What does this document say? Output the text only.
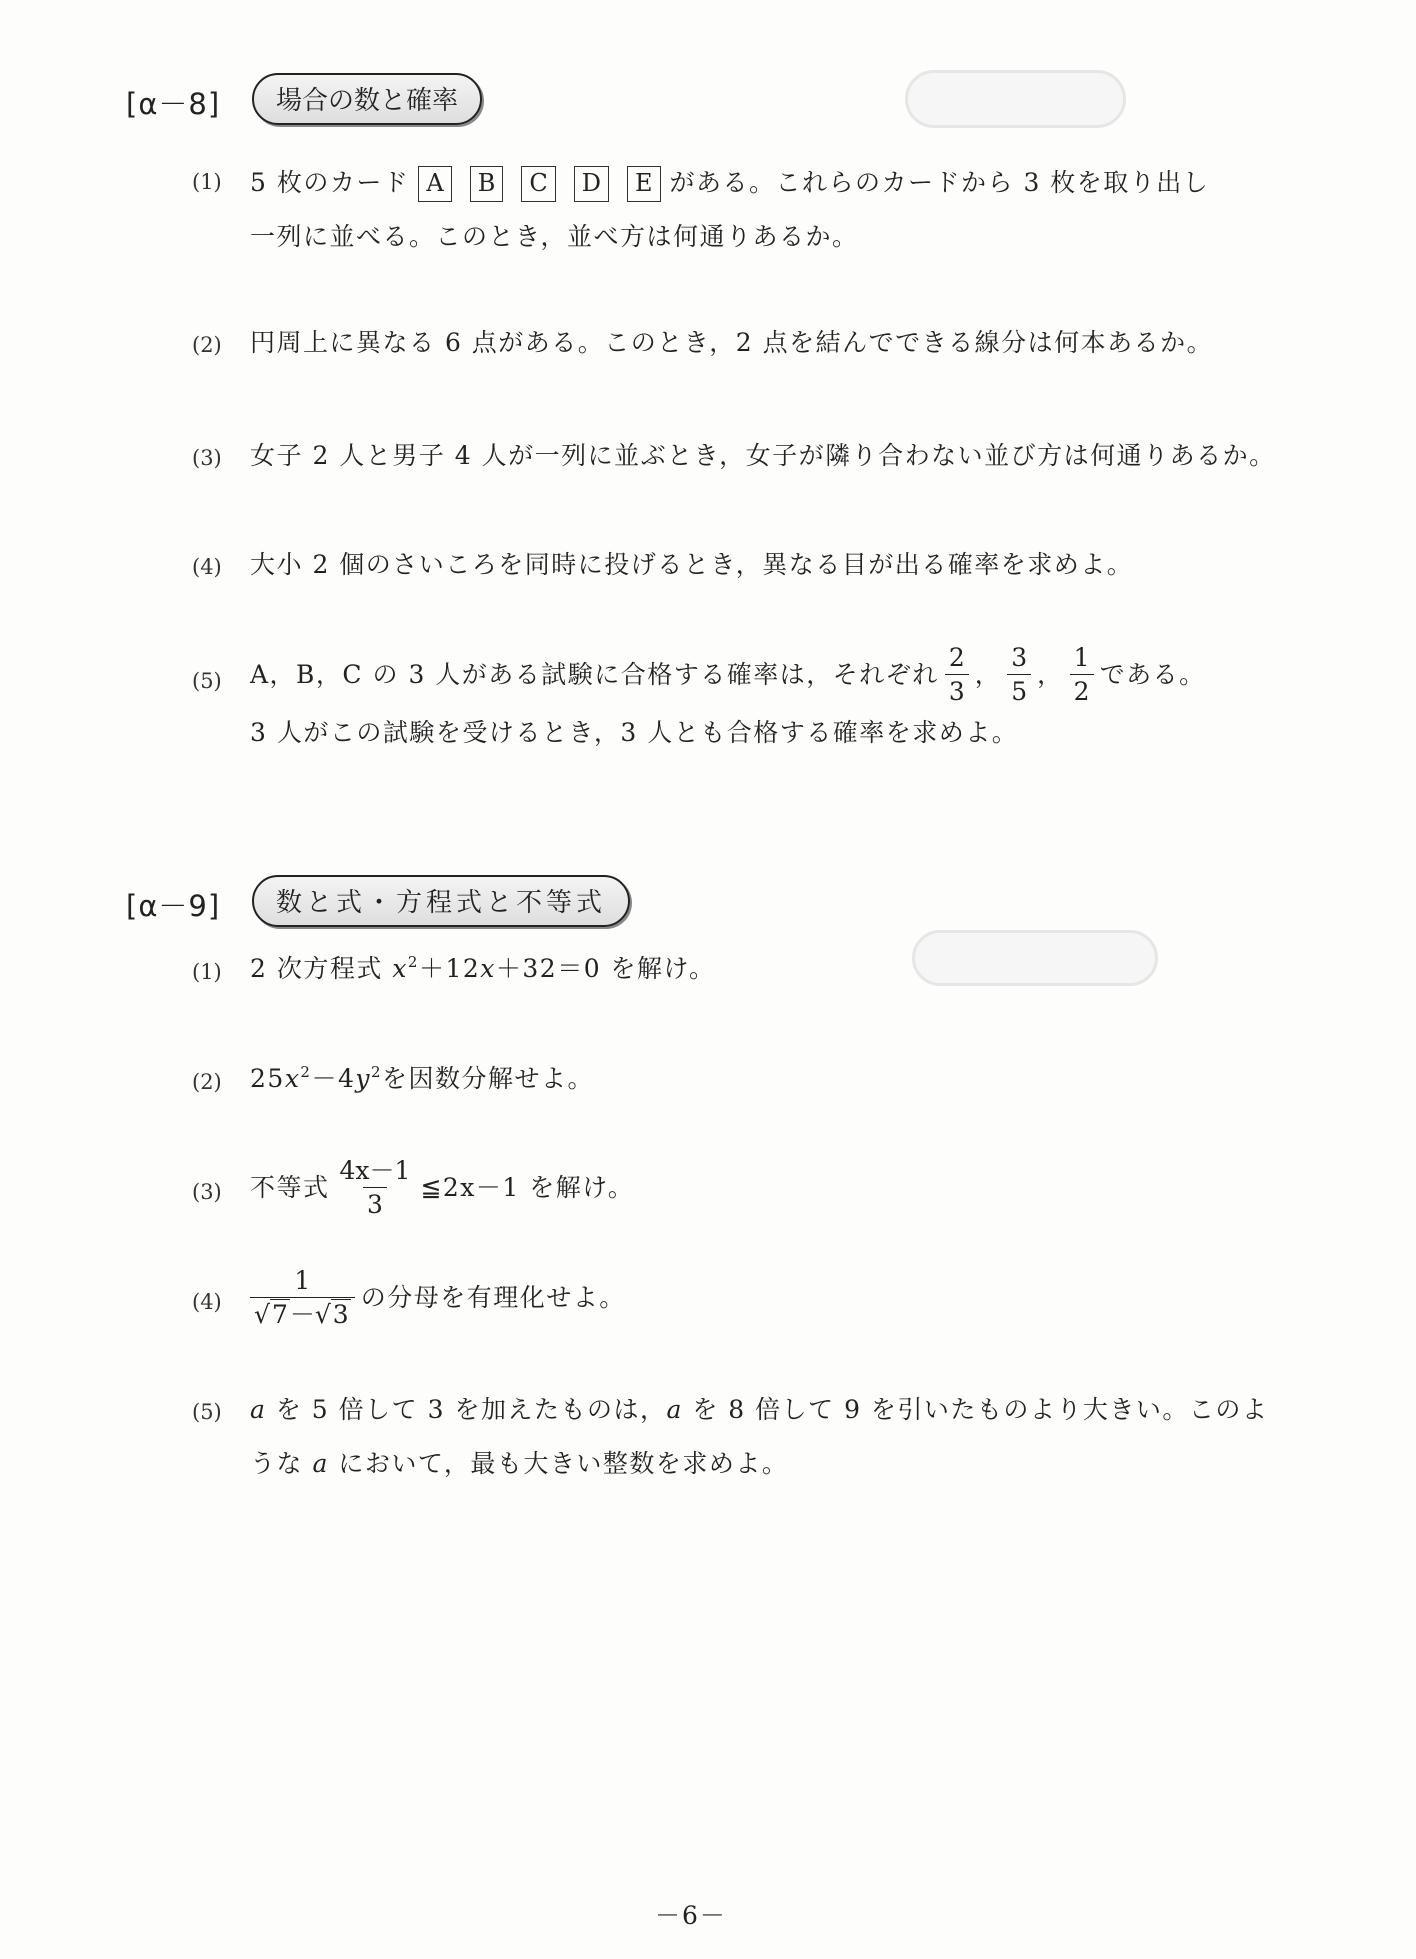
[α－8]	場合の数と確率
(1) 5 枚のカード A B C D E がある。これらのカードから 3 枚を取り出し
一列に並べる。このとき，並べ方は何通りあるか。
(2) 円周上に異なる 6 点がある。このとき，2 点を結んでできる線分は何本あるか。
(3) 女子 2 人と男子 4 人が一列に並ぶとき，女子が隣り合わない並び方は何通りあるか。
(4) 大小 2 個のさいころを同時に投げるとき，異なる目が出る確率を求めよ。
(5) A，B，C の 3 人がある試験に合格する確率は，それぞれ $\frac{2}{3}$ ， $\frac{3}{5}$ ， $\frac{1}{2}$ である。
3 人がこの試験を受けるとき，3 人とも合格する確率を求めよ。
[α－9]	数と式・方程式と不等式
(1) 2 次方程式 $x^2+12x+32=0$ を解け。
(2) $25x^2-4y^2$を因数分解せよ。
(3) 不等式 $\frac{4x-1}{3}$ ≦2x－1 を解け。
$(4) \frac{1}{√7-√3}$ の分母を有理化せよ。
(5) a を 5 倍して 3 を加えたものは，a を 8 倍して 9 を引いたものより大きい。このよ
うな a において，最も大きい整数を求めよ。
－6－
